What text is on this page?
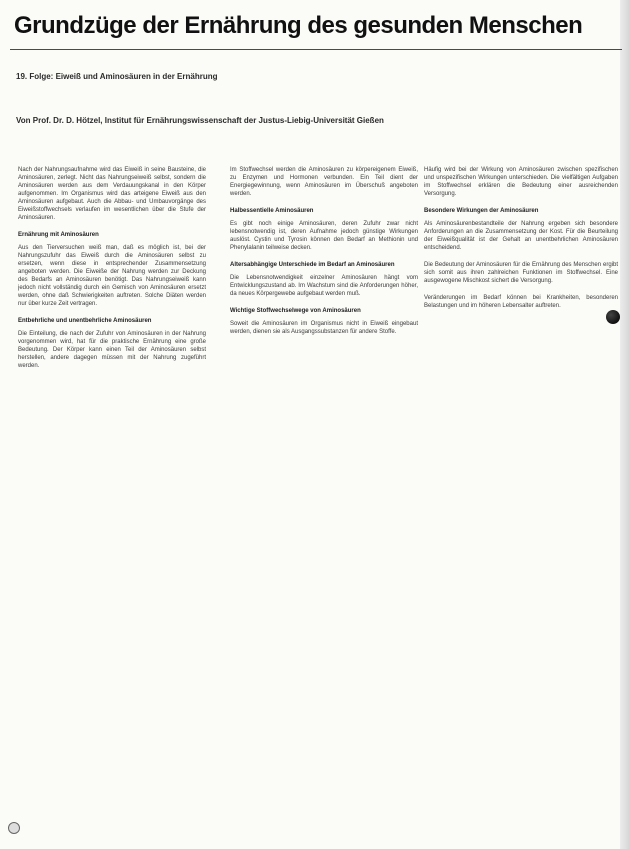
Grundzüge der Ernährung des gesunden Menschen
19. Folge: Eiweiß und Aminosäuren in der Ernährung
Von Prof. Dr. D. Hötzel, Institut für Ernährungswissenschaft der Justus-Liebig-Universität Gießen

Nach der Nahrungsaufnahme wird das Eiweiß in seine Bausteine, die Aminosäuren, zerlegt. Nicht das Nahrungseiweiß selbst, sondern die Aminosäuren werden aus dem Verdauungskanal in den Körper aufgenommen. Im Organismus wird das arteigene Eiweiß aus den Aminosäuren aufgebaut. Auch die Abbau- und Umbauvorgänge des Eiweißstoffwechsels verlaufen im wesentlichen über die Stufe der Aminosäuren.

Ernährung mit Aminosäuren

Aus den Tierversuchen weiß man, daß es möglich ist, bei der Nahrungszufuhr das Eiweiß durch die Aminosäuren selbst zu ersetzen, wenn diese in entsprechender Zusammensetzung angeboten werden. Die Eiweiße der Nahrung werden zur Deckung des Bedarfs an Aminosäuren benötigt. Das Nahrungseiweiß kann jedoch nicht vollständig durch ein Gemisch von Aminosäuren ersetzt werden, ohne daß Schwierigkeiten auftreten. Solche Diäten werden nur über kurze Zeit vertragen.

Entbehrliche und unentbehrliche Aminosäuren

Die Einteilung, die nach der Zufuhr von Aminosäuren in der Nahrung vorgenommen wird, hat für die praktische Ernährung eine große Bedeutung. Der Körper kann einen Teil der Aminosäuren selbst herstellen, andere dagegen müssen mit der Nahrung zugeführt werden.

Im Stoffwechsel werden die Aminosäuren zu körpereigenem Eiweiß, zu Enzymen und Hormonen verbunden. Ein Teil dient der Energiegewinnung, wenn Aminosäuren im Überschuß angeboten werden.

Halbessentielle Aminosäuren

Es gibt noch einige Aminosäuren, deren Zufuhr zwar nicht lebensnotwendig ist, deren Aufnahme jedoch günstige Wirkungen auslöst. Cystin und Tyrosin können den Bedarf an Methionin und Phenylalanin teilweise decken.

Altersabhängige Unterschiede im Bedarf an Aminosäuren

Die Lebensnotwendigkeit einzelner Aminosäuren hängt vom Entwicklungszustand ab. Im Wachstum sind die Anforderungen höher, da neues Körpergewebe aufgebaut werden muß.

Wichtige Stoffwechselwege von Aminosäuren

Soweit die Aminosäuren im Organismus nicht in Eiweiß eingebaut werden, dienen sie als Ausgangssubstanzen für andere Stoffe.

Häufig wird bei der Wirkung von Aminosäuren zwischen spezifischen und unspezifischen Wirkungen unterschieden. Die vielfältigen Aufgaben im Stoffwechsel erklären die Bedeutung einer ausreichenden Versorgung.

Besondere Wirkungen der Aminosäuren

Als Aminosäurenbestandteile der Nahrung ergeben sich besondere Anforderungen an die Zusammensetzung der Kost. Für die Beurteilung der Eiweißqualität ist der Gehalt an unentbehrlichen Aminosäuren entscheidend.

Die Bedeutung der Aminosäuren für die Ernährung des Menschen ergibt sich somit aus ihren zahlreichen Funktionen im Stoffwechsel. Eine ausgewogene Mischkost sichert die Versorgung.

Veränderungen im Bedarf können bei Krankheiten, besonderen Belastungen und im höheren Lebensalter auftreten.
